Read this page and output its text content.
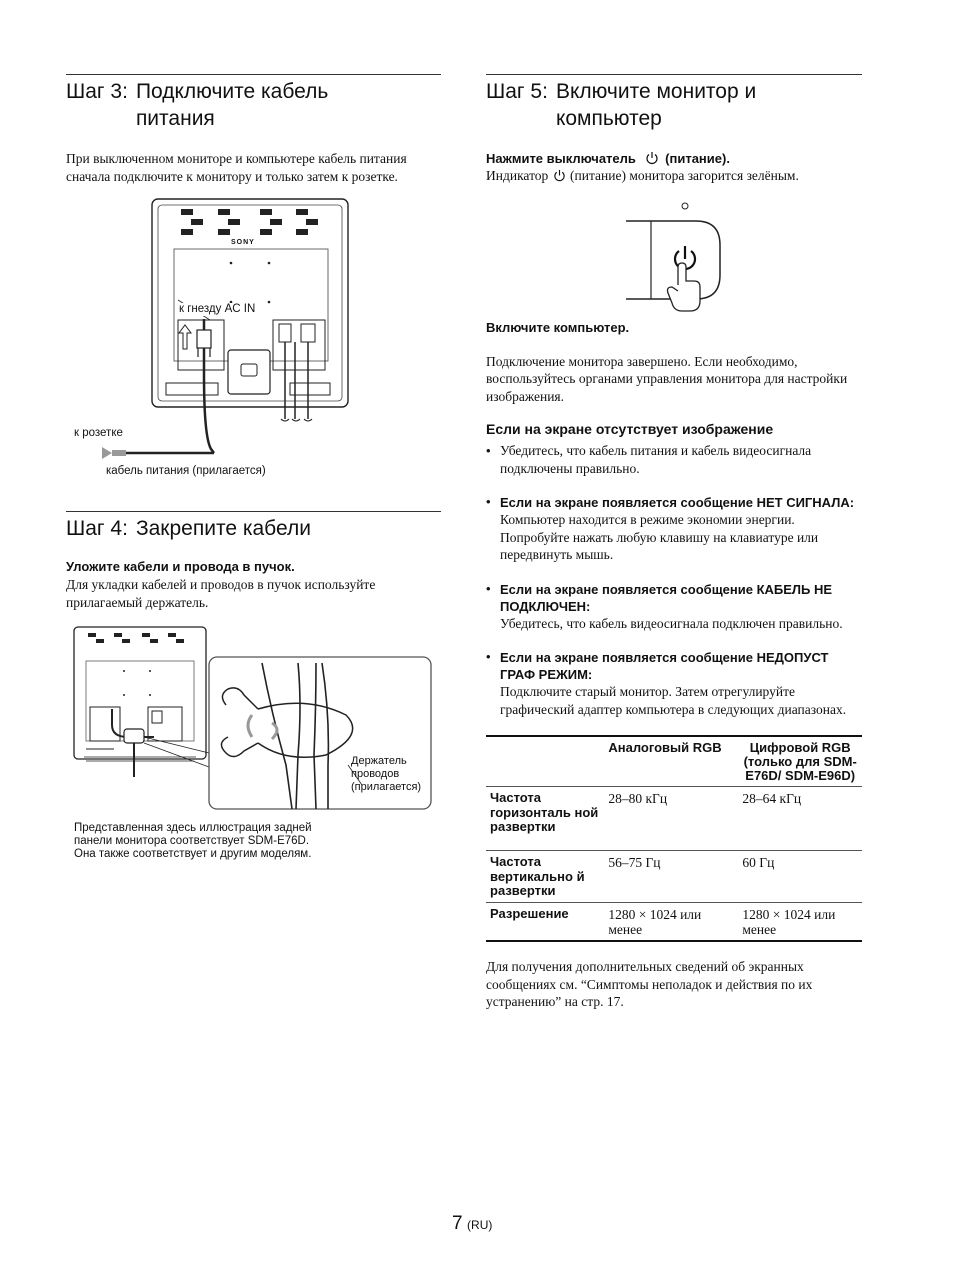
Шаг 3: Подключите кабель питания
При выключенном мониторе и компьютере кабель питания сначала подключите к монитору и только затем к розетке.
SONY
к гнезду AC IN
к розетке
кабель питания (прилагается)
Шаг 4: Закрепите кабели
Уложите кабели и провода в пучок.
Для укладки кабелей и проводов в пучок используйте прилагаемый держатель.
Держатель
проводов
(прилагается)
Представленная здесь иллюстрация задней
панели монитора соответствует SDM-E76D.
Она также соответствует и другим моделям.
Шаг 5: Включите монитор и компьютер
Нажмите выключатель (питание).
Индикатор (питание) монитора загорится зелёным.
Включите компьютер.
Подключение монитора завершено. Если необходимо, воспользуйтесь органами управления монитора для настройки изображения.
Если на экране отсутствует изображение
• Убедитесь, что кабель питания и кабель видеосигнала подключены правильно.
• Если на экране появляется сообщение НЕТ СИГНАЛА:
Компьютер находится в режиме экономии энергии. Попробуйте нажать любую клавишу на клавиатуре или передвинуть мышь.
• Если на экране появляется сообщение КАБЕЛЬ НЕ ПОДКЛЮЧЕН:
Убедитесь, что кабель видеосигнала подключен правильно.
• Если на экране появляется сообщение НЕДОПУСТ ГРАФ РЕЖИМ:
Подключите старый монитор. Затем отрегулируйте графический адаптер компьютера в следующих диапазонах.
	Аналоговый RGB	Цифровой RGB (только для SDM-E76D/ SDM-E96D)
Частота горизонталь ной развертки	28–80 кГц	28–64 кГц
Частота вертикально й развертки	56–75 Гц	60 Гц
Разрешение	1280 × 1024 или менее	1280 × 1024 или менее
Для получения дополнительных сведений об экранных сообщениях см. “Симптомы неполадок и действия по их устранению” на стр. 17.
7 (RU)
